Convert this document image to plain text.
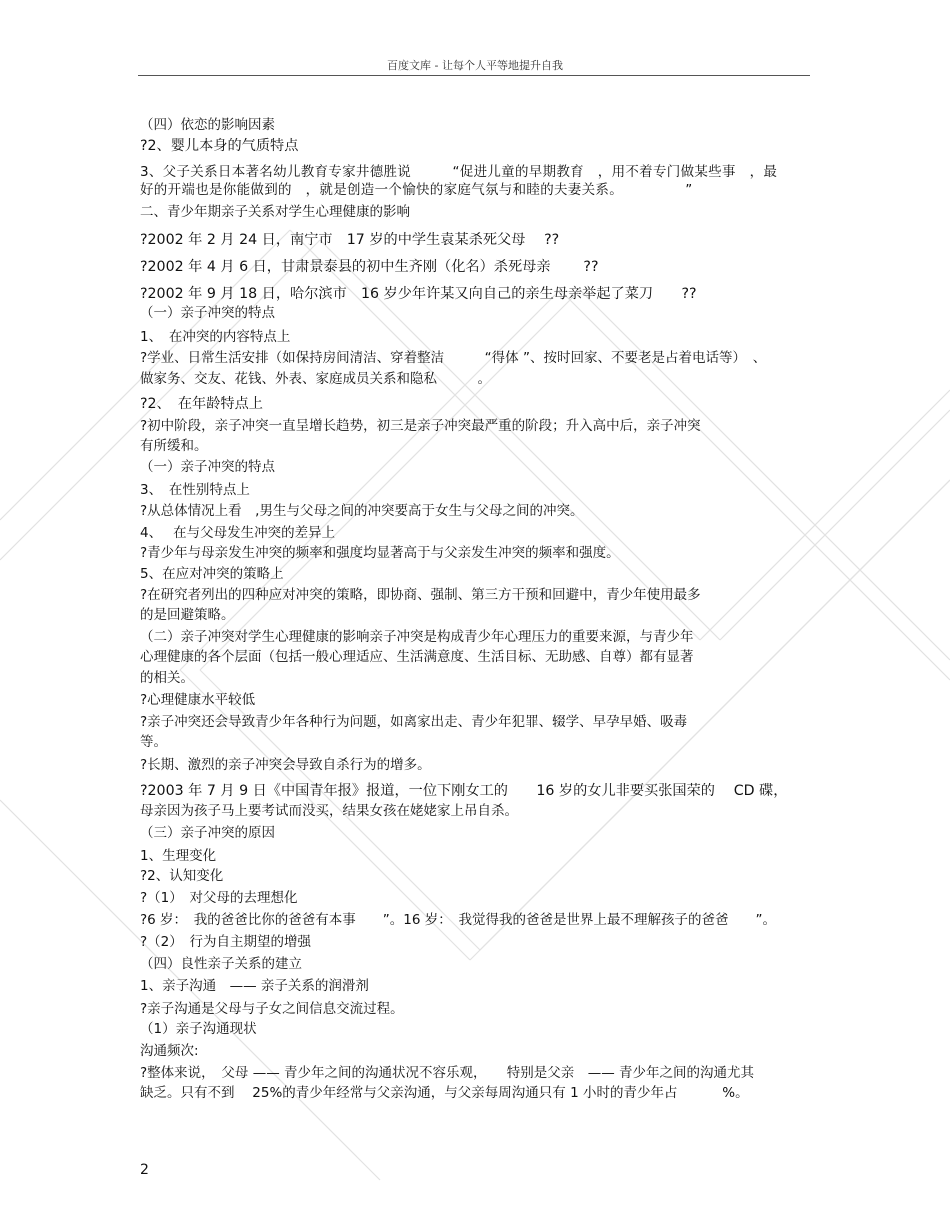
百度文库 - 让每个人平等地提升自我
（四）依恋的影响因素
?2、婴儿本身的气质特点
3、父子关系日本著名幼儿教育专家井德胜说　　　“促进儿童的早期教育　，用不着专门做某些事　，最
好的开端也是你能做到的　，就是创造一个愉快的家庭气氛与和睦的夫妻关系。　　　　　”
二、青少年期亲子关系对学生心理健康的影响
?2002 年 2 月 24 日，南宁市　17 岁的中学生袁某杀死父母　 ??
?2002 年 4 月 6 日，甘肃景泰县的初中生齐刚（化名）杀死母亲　　 ??
?2002 年 9 月 18 日，哈尔滨市　16 岁少年许某又向自己的亲生母亲举起了菜刀　　??
（一）亲子冲突的特点
1、　在冲突的内容特点上
?学业、日常生活安排（如保持房间清洁、穿着整洁　　　“得体 ”、按时回家、不要老是占着电话等）　、
做家务、交友、花钱、外表、家庭成员关系和隐私　　　。
?2、　在年龄特点上
?初中阶段，亲子冲突一直呈增长趋势，初三是亲子冲突最严重的阶段；升入高中后，亲子冲突
有所缓和。
（一）亲子冲突的特点
3、　在性别特点上
?从总体情况上看　,男生与父母之间的冲突要高于女生与父母之间的冲突。
4、　 在与父母发生冲突的差异上
?青少年与母亲发生冲突的频率和强度均显著高于与父亲发生冲突的频率和强度。
5、在应对冲突的策略上
?在研究者列出的四种应对冲突的策略，即协商、强制、第三方干预和回避中，青少年使用最多
的是回避策略。
（二）亲子冲突对学生心理健康的影响亲子冲突是构成青少年心理压力的重要来源，与青少年
心理健康的各个层面（包括一般心理适应、生活满意度、生活目标、无助感、自尊）都有显著
的相关。
?心理健康水平较低
?亲子冲突还会导致青少年各种行为问题，如离家出走、青少年犯罪、辍学、早孕早婚、吸毒
等。
?长期、激烈的亲子冲突会导致自杀行为的增多。
?2003 年 7 月 9 日《中国青年报》报道，一位下刚女工的　　16 岁的女儿非要买张国荣的　 CD 碟，
母亲因为孩子马上要考试而没买，结果女孩在姥姥家上吊自杀。
（三）亲子冲突的原因
1、生理变化
?2、认知变化
?（1）　对父母的去理想化
?6 岁：　我的爸爸比你的爸爸有本事　　”。16 岁：　我觉得我的爸爸是世界上最不理解孩子的爸爸　　”。
?（2）　行为自主期望的增强
（四）良性亲子关系的建立
1、亲子沟通　—— 亲子关系的润滑剂
?亲子沟通是父母与子女之间信息交流过程。
（1）亲子沟通现状
沟通频次:
?整体来说，　父母 —— 青少年之间的沟通状况不容乐观，　　特别是父亲　—— 青少年之间的沟通尤其
缺乏。只有不到　 25%的青少年经常与父亲沟通，与父亲每周沟通只有 1 小时的青少年占　　　 %。
2
